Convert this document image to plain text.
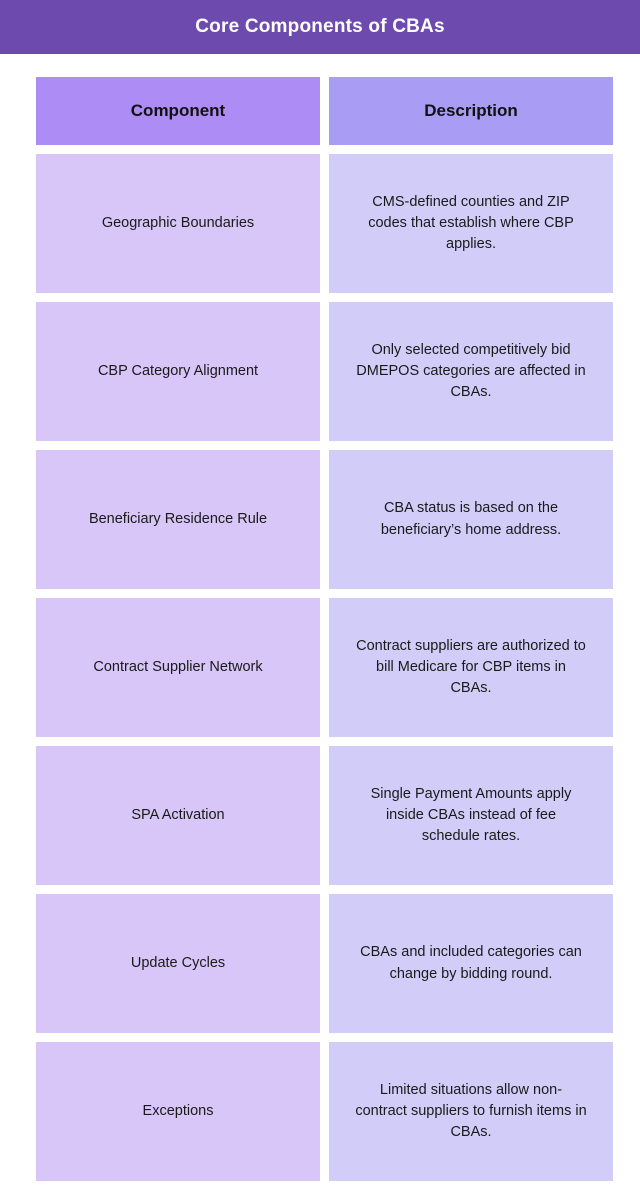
Core Components of CBAs
Component	Description
Geographic Boundaries	CMS-defined counties and ZIP codes that establish where CBP applies.
CBP Category Alignment	Only selected competitively bid DMEPOS categories are affected in CBAs.
Beneficiary Residence Rule	CBA status is based on the beneficiary’s home address.
Contract Supplier Network	Contract suppliers are authorized to bill Medicare for CBP items in CBAs.
SPA Activation	Single Payment Amounts apply inside CBAs instead of fee schedule rates.
Update Cycles	CBAs and included categories can change by bidding round.
Exceptions	Limited situations allow non-contract suppliers to furnish items in CBAs.
